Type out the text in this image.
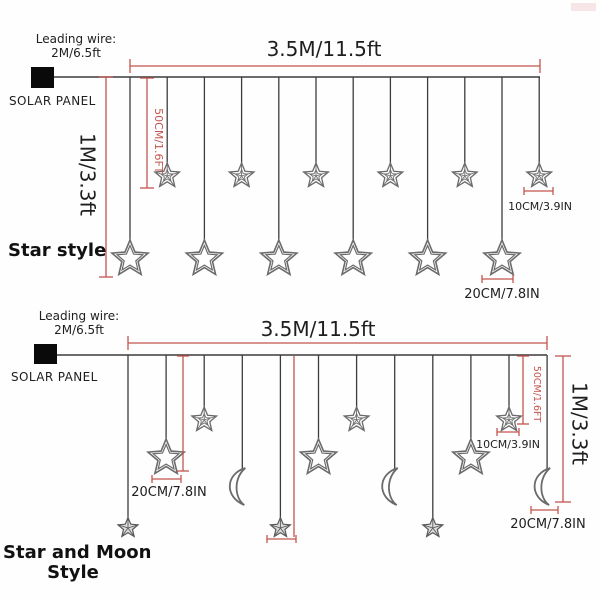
Leading wire:
2M/6.5ft
SOLAR PANEL
3.5M/11.5ft
1M/3.3ft	50CM/1.6FT
10CM/3.9IN
20CM/7.8IN
Star style
Leading wire:
2M/6.5ft
SOLAR PANEL
3.5M/11.5ft
1M/3.3ft
50CM/1.6FT
10CM/3.9IN
20CM/7.8IN
20CM/7.8IN
Star and Moon
Style
